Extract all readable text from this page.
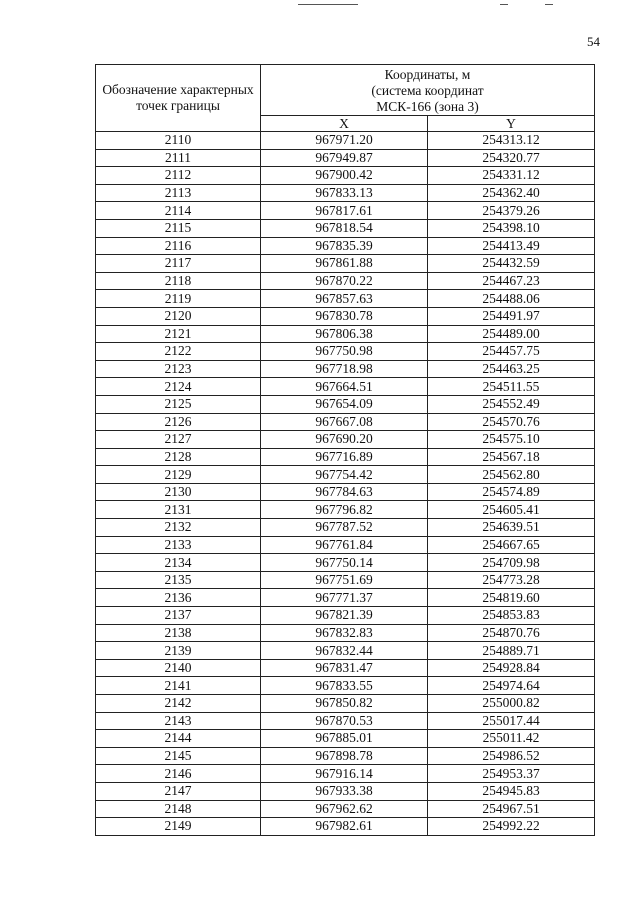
54
Обозначение характерных точек границы	Координаты, м
(система координат
МСК-166 (зона 3)	

	X	Y
2110	967971.20	254313.12
2111	967949.87	254320.77
2112	967900.42	254331.12
2113	967833.13	254362.40
2114	967817.61	254379.26
2115	967818.54	254398.10
2116	967835.39	254413.49
2117	967861.88	254432.59
2118	967870.22	254467.23
2119	967857.63	254488.06
2120	967830.78	254491.97
2121	967806.38	254489.00
2122	967750.98	254457.75
2123	967718.98	254463.25
2124	967664.51	254511.55
2125	967654.09	254552.49
2126	967667.08	254570.76
2127	967690.20	254575.10
2128	967716.89	254567.18
2129	967754.42	254562.80
2130	967784.63	254574.89
2131	967796.82	254605.41
2132	967787.52	254639.51
2133	967761.84	254667.65
2134	967750.14	254709.98
2135	967751.69	254773.28
2136	967771.37	254819.60
2137	967821.39	254853.83
2138	967832.83	254870.76
2139	967832.44	254889.71
2140	967831.47	254928.84
2141	967833.55	254974.64
2142	967850.82	255000.82
2143	967870.53	255017.44
2144	967885.01	255011.42
2145	967898.78	254986.52
2146	967916.14	254953.37
2147	967933.38	254945.83
2148	967962.62	254967.51
2149	967982.61	254992.22
